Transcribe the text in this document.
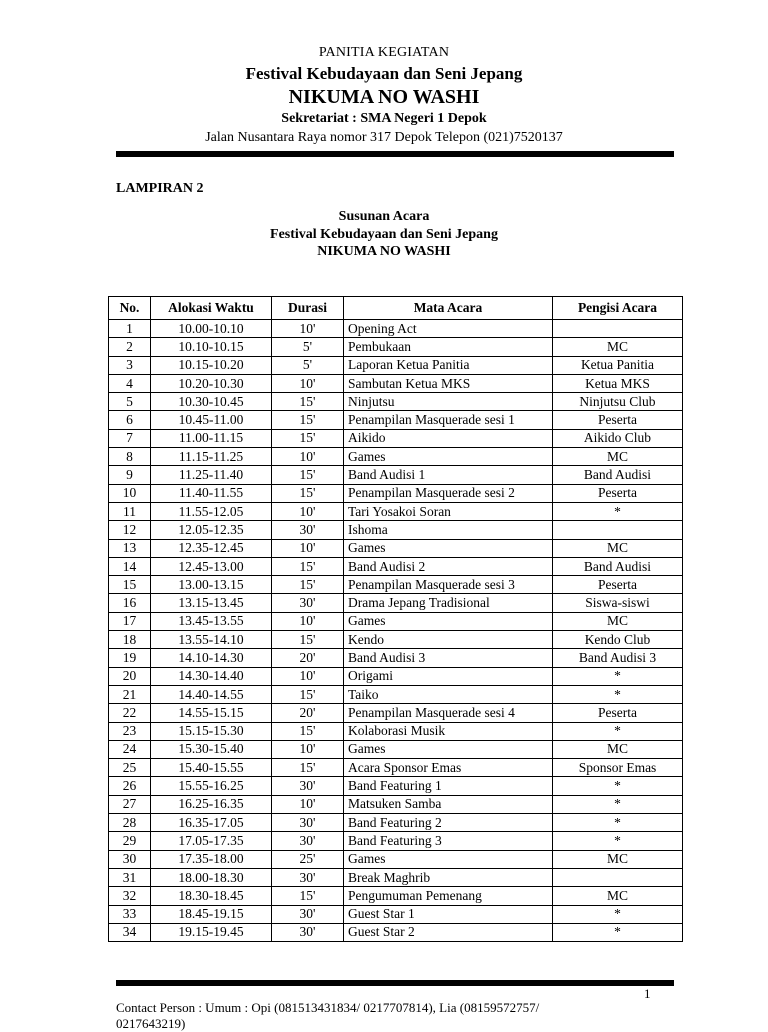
PANITIA KEGIATAN
Festival Kebudayaan dan Seni Jepang
NIKUMA NO WASHI
Sekretariat : SMA Negeri 1 Depok
Jalan Nusantara Raya nomor 317 Depok Telepon (021)7520137
LAMPIRAN 2
Susunan Acara
Festival Kebudayaan dan Seni Jepang
NIKUMA NO WASHI
No.	Alokasi Waktu	Durasi	Mata Acara	Pengisi Acara
1	10.00-10.10	10'	Opening Act	
2	10.10-10.15	5'	Pembukaan	MC
3	10.15-10.20	5'	Laporan Ketua Panitia	Ketua Panitia
4	10.20-10.30	10'	Sambutan Ketua MKS	Ketua MKS
5	10.30-10.45	15'	Ninjutsu	Ninjutsu Club
6	10.45-11.00	15'	Penampilan Masquerade sesi 1	Peserta
7	11.00-11.15	15'	Aikido	Aikido Club
8	11.15-11.25	10'	Games	MC
9	11.25-11.40	15'	Band Audisi 1	Band Audisi
10	11.40-11.55	15'	Penampilan Masquerade sesi 2	Peserta
11	11.55-12.05	10'	Tari Yosakoi Soran	*
12	12.05-12.35	30'	Ishoma	
13	12.35-12.45	10'	Games	MC
14	12.45-13.00	15'	Band Audisi 2	Band Audisi
15	13.00-13.15	15'	Penampilan Masquerade sesi 3	Peserta
16	13.15-13.45	30'	Drama Jepang Tradisional	Siswa-siswi
17	13.45-13.55	10'	Games	MC
18	13.55-14.10	15'	Kendo	Kendo Club
19	14.10-14.30	20'	Band Audisi 3	Band Audisi 3
20	14.30-14.40	10'	Origami	*
21	14.40-14.55	15'	Taiko	*
22	14.55-15.15	20'	Penampilan Masquerade sesi 4	Peserta
23	15.15-15.30	15'	Kolaborasi Musik	*
24	15.30-15.40	10'	Games	MC
25	15.40-15.55	15'	Acara Sponsor Emas	Sponsor Emas
26	15.55-16.25	30'	Band Featuring 1	*
27	16.25-16.35	10'	Matsuken Samba	*
28	16.35-17.05	30'	Band Featuring 2	*
29	17.05-17.35	30'	Band Featuring 3	*
30	17.35-18.00	25'	Games	MC
31	18.00-18.30	30'	Break Maghrib	
32	18.30-18.45	15'	Pengumuman Pemenang	MC
33	18.45-19.15	30'	Guest Star 1	*
34	19.15-19.45	30'	Guest Star 2	*
1
Contact Person : Umum : Opi (081513431834/ 0217707814), Lia (08159572757/
0217643219)
